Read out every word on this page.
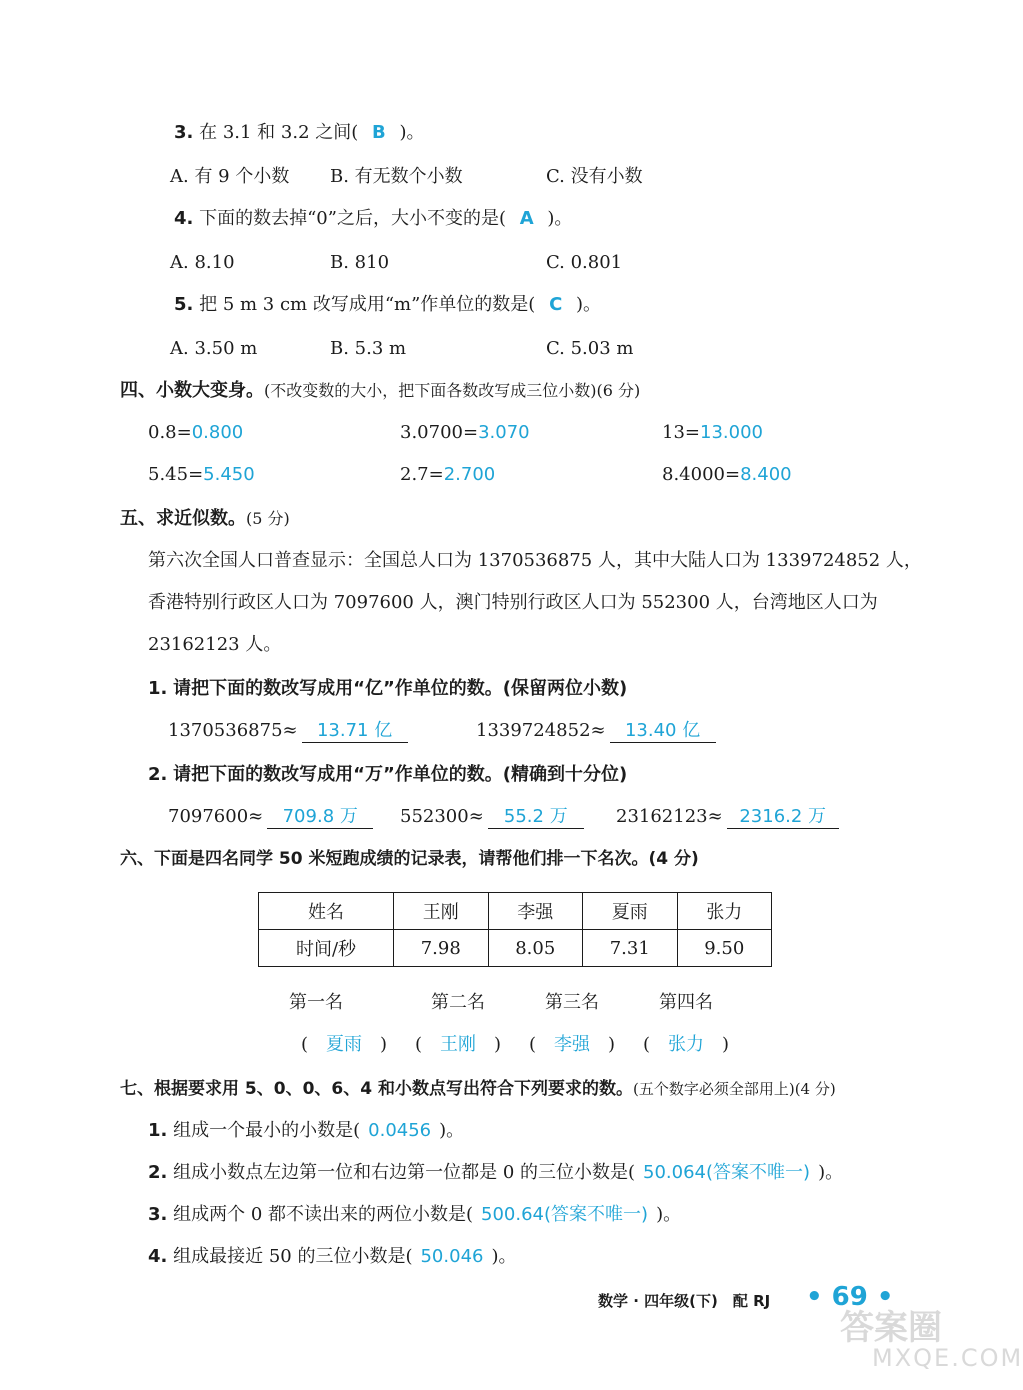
3. 在 3.1 和 3.2 之间( B )。
A. 有 9 个小数 B. 有无数个小数	C. 没有小数
4. 下面的数去掉“0”之后，大小不变的是( A )。
A. 8.10	B. 810	C. 0.801
5. 把 5 m 3 cm 改写成用“m”作单位的数是( C )。
A. 3.50 m	B. 5.3 m	C. 5.03 m
四、小数大变身。(不改变数的大小，把下面各数改写成三位小数)(6 分)
0.8=0.800	3.0700=3.070	13=13.000
5.45=5.450	2.7=2.700	8.4000=8.400
五、求近似数。(5 分)
第六次全国人口普查显示：全国总人口为 1370536875 人，其中大陆人口为 1339724852 人，
香港特别行政区人口为 7097600 人，澳门特别行政区人口为 552300 人，台湾地区人口为
23162123 人。
1. 请把下面的数改写成用“亿”作单位的数。(保留两位小数)
1370536875≈ 13.71 亿	1339724852≈ 13.40 亿
2. 请把下面的数改写成用“万”作单位的数。(精确到十分位)
7097600≈ 709.8 万	552300≈ 55.2 万	23162123≈ 2316.2 万
六、下面是四名同学 50 米短跑成绩的记录表，请帮他们排一下名次。(4 分)
姓名	王刚	李强	夏雨	张力
时间/秒	7.98	8.05	7.31	9.50
第一名	第二名	第三名	第四名
(　 夏雨　 )	(　 王刚　 )	(　 李强　 )	(　 张力　 )
七、根据要求用 5、0、0、6、4 和小数点写出符合下列要求的数。(五个数字必须全部用上)(4 分)
1. 组成一个最小的小数是( 0.0456 )。
2. 组成小数点左边第一位和右边第一位都是 0 的三位小数是( 50.064(答案不唯一) )。
3. 组成两个 0 都不读出来的两位小数是( 500.64(答案不唯一) )。
4. 组成最接近 50 的三位小数是( 50.046 )。
数学 · 四年级(下)　配 RJ • 69 •
答案圈
MXQE.COM
